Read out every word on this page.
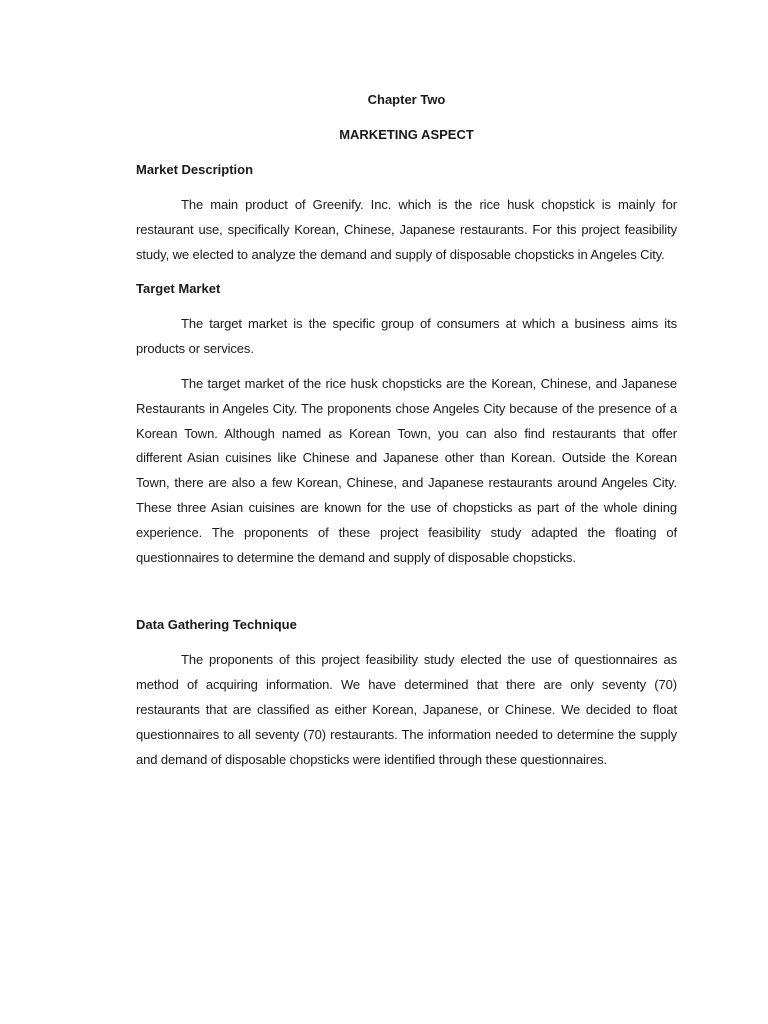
Chapter Two
MARKETING ASPECT
Market Description

The main product of Greenify. Inc. which is the rice husk chopstick is mainly for restaurant use, specifically Korean, Chinese, Japanese restaurants. For this project feasibility study, we elected to analyze the demand and supply of disposable chopsticks in Angeles City.

Target Market

The target market is the specific group of consumers at which a business aims its products or services.

The target market of the rice husk chopsticks are the Korean, Chinese, and Japanese Restaurants in Angeles City. The proponents chose Angeles City because of the presence of a Korean Town. Although named as Korean Town, you can also find restaurants that offer different Asian cuisines like Chinese and Japanese other than Korean. Outside the Korean Town, there are also a few Korean, Chinese, and Japanese restaurants around Angeles City. These three Asian cuisines are known for the use of chopsticks as part of the whole dining experience. The proponents of these project feasibility study adapted the floating of questionnaires to determine the demand and supply of disposable chopsticks.

Data Gathering Technique

The proponents of this project feasibility study elected the use of questionnaires as method of acquiring information. We have determined that there are only seventy (70) restaurants that are classified as either Korean, Japanese, or Chinese. We decided to float questionnaires to all seventy (70) restaurants. The information needed to determine the supply and demand of disposable chopsticks were identified through these questionnaires.
